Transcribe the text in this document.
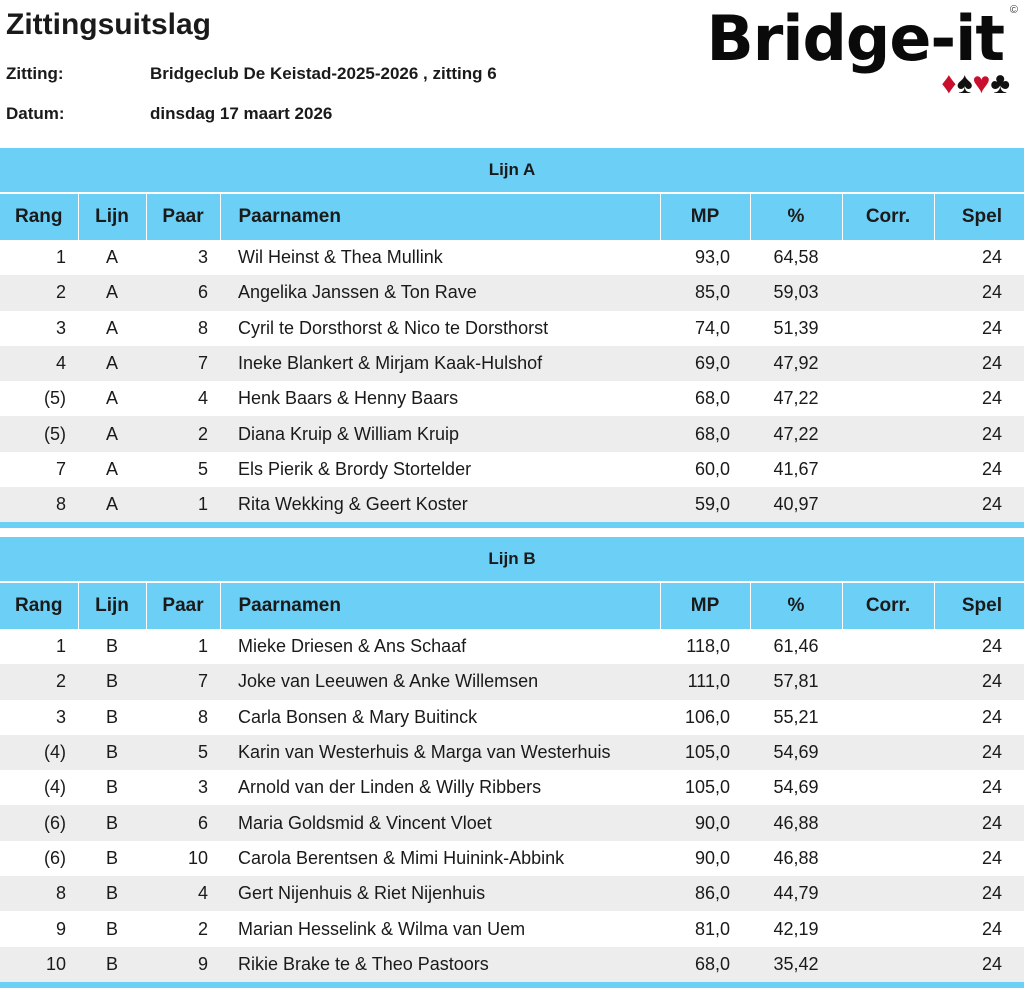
Zittingsuitslag
Zitting:	Bridgeclub De Keistad-2025-2026 , zitting 6
Datum:	dinsdag 17 maart 2026
Bridge-it ©
♦♠♥♣
Lijn A
Rang	Lijn	Paar	Paarnamen	MP	%	Corr.	Spel
1	A	3	Wil Heinst & Thea Mullink	93,0	64,58		24
2	A	6	Angelika Janssen & Ton Rave	85,0	59,03		24
3	A	8	Cyril te Dorsthorst & Nico te Dorsthorst	74,0	51,39		24
4	A	7	Ineke Blankert & Mirjam Kaak-Hulshof	69,0	47,92		24
(5)	A	4	Henk Baars & Henny Baars	68,0	47,22		24
(5)	A	2	Diana Kruip & William Kruip	68,0	47,22		24
7	A	5	Els Pierik & Brordy Stortelder	60,0	41,67		24
8	A	1	Rita Wekking & Geert Koster	59,0	40,97		24
Lijn B
Rang	Lijn	Paar	Paarnamen	MP	%	Corr.	Spel
1	B	1	Mieke Driesen & Ans Schaaf	118,0	61,46		24
2	B	7	Joke van Leeuwen & Anke Willemsen	111,0	57,81		24
3	B	8	Carla Bonsen & Mary Buitinck	106,0	55,21		24
(4)	B	5	Karin van Westerhuis & Marga van Westerhuis	105,0	54,69		24
(4)	B	3	Arnold van der Linden & Willy Ribbers	105,0	54,69		24
(6)	B	6	Maria Goldsmid & Vincent Vloet	90,0	46,88		24
(6)	B	10	Carola Berentsen & Mimi Huinink-Abbink	90,0	46,88		24
8	B	4	Gert Nijenhuis & Riet Nijenhuis	86,0	44,79		24
9	B	2	Marian Hesselink & Wilma van Uem	81,0	42,19		24
10	B	9	Rikie Brake te & Theo Pastoors	68,0	35,42		24
